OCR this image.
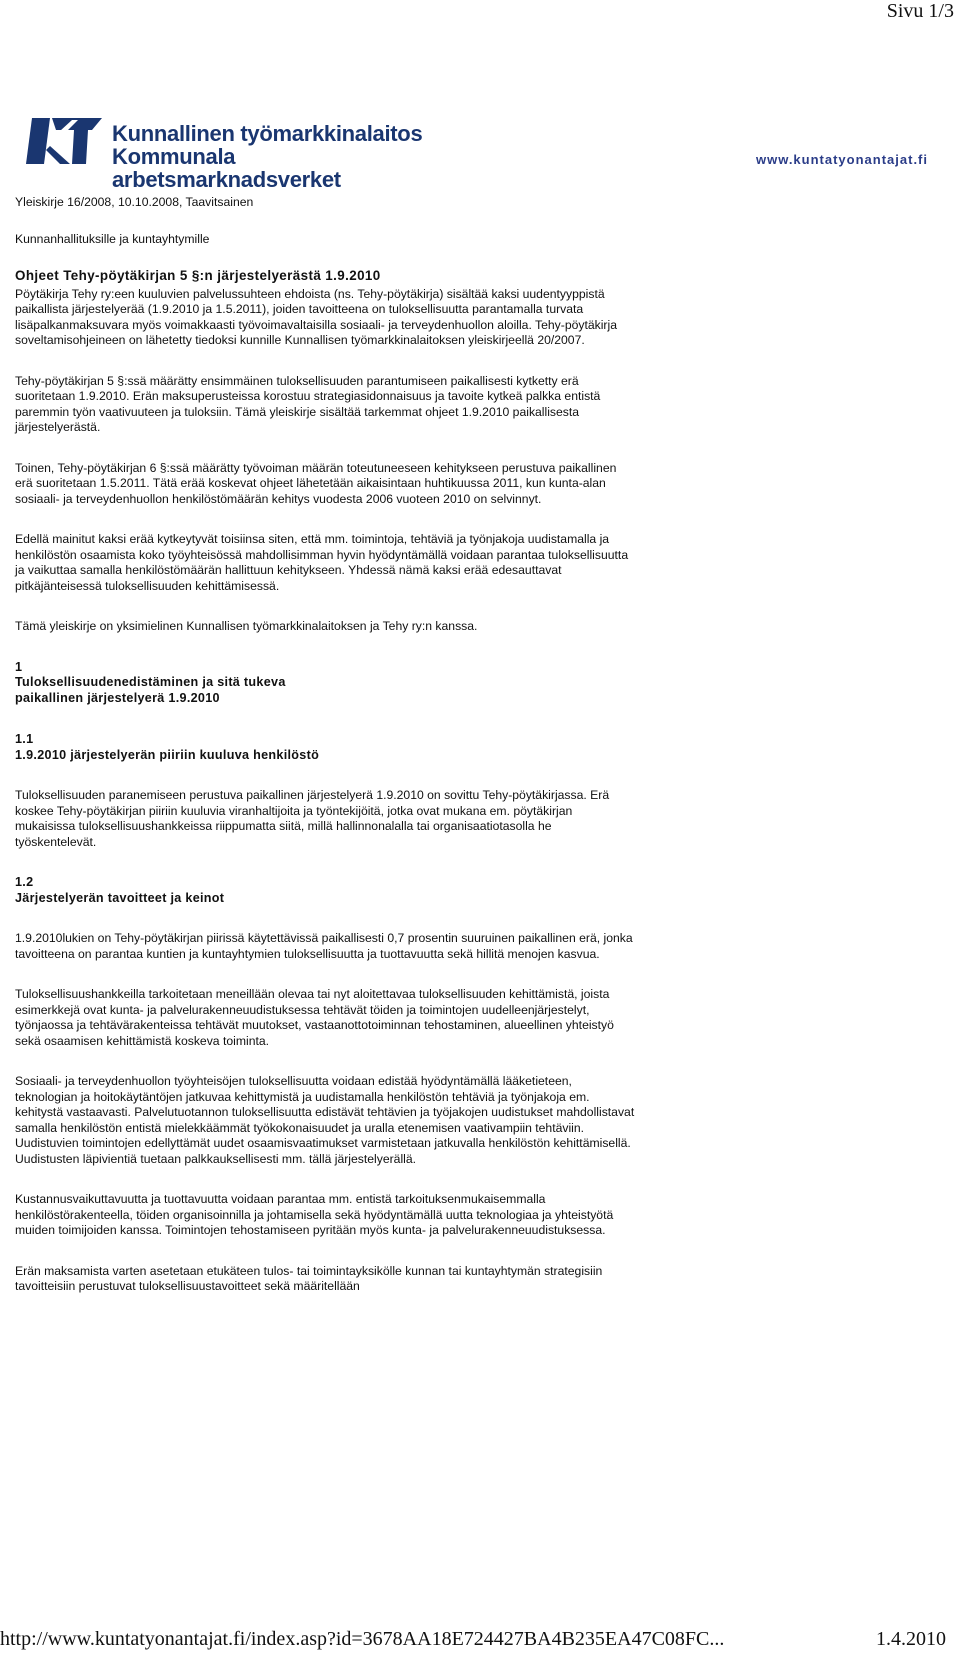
Sivu 1/3
Kunnallinen työmarkkinalaitos
Kommunala arbetsmarknadsverket
www.kuntatyonantajat.fi

Yleiskirje 16/2008, 10.10.2008, Taavitsainen

Kunnanhallituksille ja kuntayhtymille

Ohjeet Tehy-pöytäkirjan 5 §:n järjestelyerästä 1.9.2010

Pöytäkirja Tehy ry:een kuuluvien palvelussuhteen ehdoista (ns. Tehy-pöytäkirja) sisältää kaksi uudentyyppistä paikallista järjestelyerää (1.9.2010 ja 1.5.2011), joiden tavoitteena on tuloksellisuutta parantamalla turvata lisäpalkanmaksuvara myös voimakkaasti työvoimavaltaisilla sosiaali- ja terveydenhuollon aloilla. Tehy-pöytäkirja soveltamisohjeineen on lähetetty tiedoksi kunnille Kunnallisen työmarkkinalaitoksen yleiskirjeellä 20/2007.

Tehy-pöytäkirjan 5 §:ssä määrätty ensimmäinen tuloksellisuuden parantumiseen paikallisesti kytketty erä suoritetaan 1.9.2010. Erän maksuperusteissa korostuu strategiasidonnaisuus ja tavoite kytkeä palkka entistä paremmin työn vaativuuteen ja tuloksiin. Tämä yleiskirje sisältää tarkemmat ohjeet 1.9.2010 paikallisesta järjestelyerästä.

Toinen, Tehy-pöytäkirjan 6 §:ssä määrätty työvoiman määrän toteutuneeseen kehitykseen perustuva paikallinen erä suoritetaan 1.5.2011. Tätä erää koskevat ohjeet lähetetään aikaisintaan huhtikuussa 2011, kun kunta-alan sosiaali- ja terveydenhuollon henkilöstömäärän kehitys vuodesta 2006 vuoteen 2010 on selvinnyt.

Edellä mainitut kaksi erää kytkeytyvät toisiinsa siten, että mm. toimintoja, tehtäviä ja työnjakoja uudistamalla ja henkilöstön osaamista koko työyhteisössä mahdollisimman hyvin hyödyntämällä voidaan parantaa tuloksellisuutta ja vaikuttaa samalla henkilöstömäärän hallittuun kehitykseen. Yhdessä nämä kaksi erää edesauttavat pitkäjänteisessä tuloksellisuuden kehittämisessä.

Tämä yleiskirje on yksimielinen Kunnallisen työmarkkinalaitoksen ja Tehy ry:n kanssa.

1
Tuloksellisuudenedistäminen ja sitä tukeva paikallinen järjestelyerä 1.9.2010
1.1
1.9.2010 järjestelyerän piiriin kuuluva henkilöstö

Tuloksellisuuden paranemiseen perustuva paikallinen järjestelyerä 1.9.2010 on sovittu Tehy-pöytäkirjassa. Erä koskee Tehy-pöytäkirjan piiriin kuuluvia viranhaltijoita ja työntekijöitä, jotka ovat mukana em. pöytäkirjan mukaisissa tuloksellisuushankkeissa riippumatta siitä, millä hallinnonalalla tai organisaatiotasolla he työskentelevät.

1.2
Järjestelyerän tavoitteet ja keinot

1.9.2010lukien on Tehy-pöytäkirjan piirissä käytettävissä paikallisesti 0,7 prosentin suuruinen paikallinen erä, jonka tavoitteena on parantaa kuntien ja kuntayhtymien tuloksellisuutta ja tuottavuutta sekä hillitä menojen kasvua.

Tuloksellisuushankkeilla tarkoitetaan meneillään olevaa tai nyt aloitettavaa tuloksellisuuden kehittämistä, joista esimerkkejä ovat kunta- ja palvelurakenneuudistuksessa tehtävät töiden ja toimintojen uudelleenjärjestelyt, työnjaossa ja tehtävärakenteissa tehtävät muutokset, vastaanottotoiminnan tehostaminen, alueellinen yhteistyö sekä osaamisen kehittämistä koskeva toiminta.

Sosiaali- ja terveydenhuollon työyhteisöjen tuloksellisuutta voidaan edistää hyödyntämällä lääketieteen, teknologian ja hoitokäytäntöjen jatkuvaa kehittymistä ja uudistamalla henkilöstön tehtäviä ja työnjakoja em. kehitystä vastaavasti. Palvelutuotannon tuloksellisuutta edistävät tehtävien ja työjakojen uudistukset mahdollistavat samalla henkilöstön entistä mielekkäämmät työkokonaisuudet ja uralla etenemisen vaativampiin tehtäviin. Uudistuvien toimintojen edellyttämät uudet osaamisvaatimukset varmistetaan jatkuvalla henkilöstön kehittämisellä. Uudistusten läpivientiä tuetaan palkkauksellisesti mm. tällä järjestelyerällä.

Kustannusvaikuttavuutta ja tuottavuutta voidaan parantaa mm. entistä tarkoituksenmukaisemmalla henkilöstörakenteella, töiden organisoinnilla ja johtamisella sekä hyödyntämällä uutta teknologiaa ja yhteistyötä muiden toimijoiden kanssa. Toimintojen tehostamiseen pyritään myös kunta- ja palvelurakenneuudistuksessa.

Erän maksamista varten asetetaan etukäteen tulos- tai toimintayksikölle kunnan tai kuntayhtymän strategisiin tavoitteisiin perustuvat tuloksellisuustavoitteet sekä määritellään

http://www.kuntatyonantajat.fi/index.asp?id=3678AA18E724427BA4B235EA47C08FC...	1.4.2010
